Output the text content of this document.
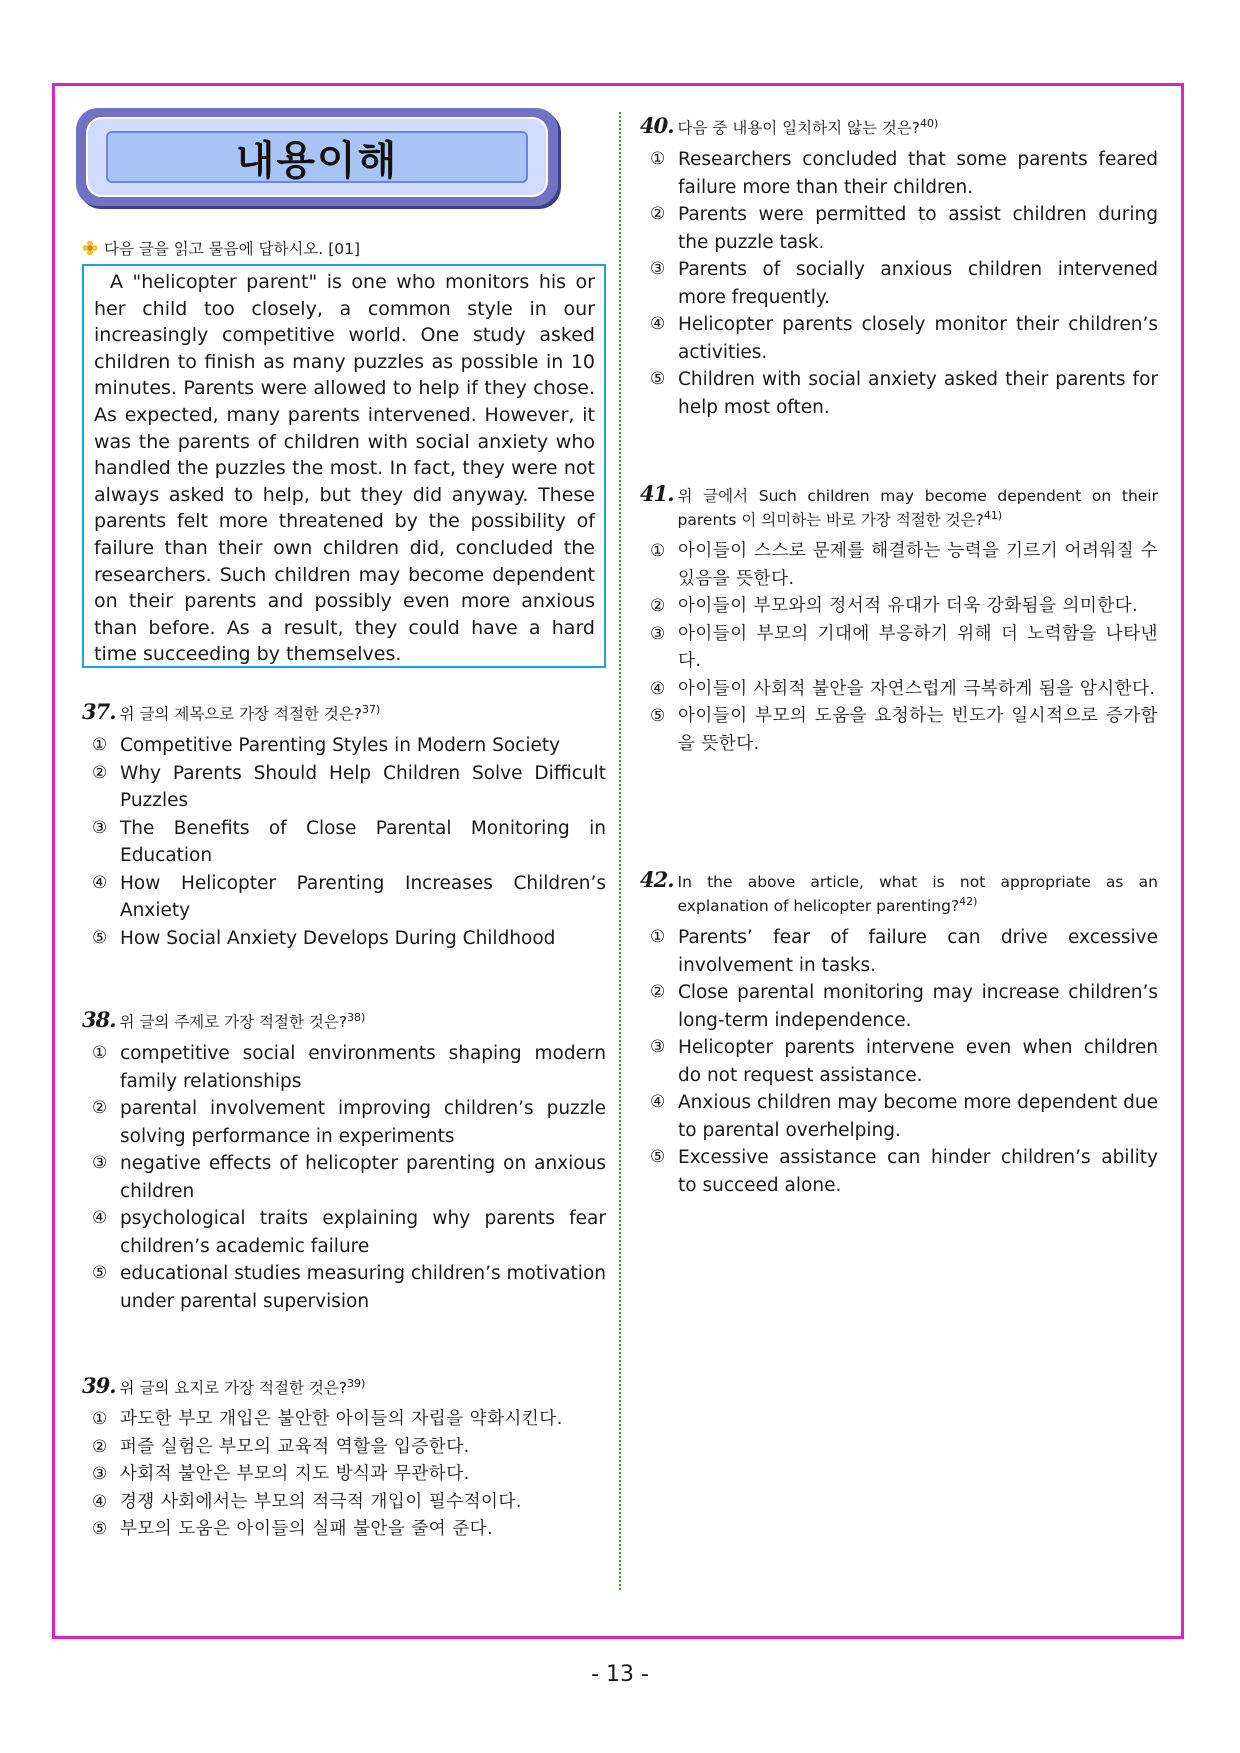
내용이해
다음 글을 읽고 물음에 답하시오. [01]

A "helicopter parent" is one who monitors his or her child too closely, a common style in our increasingly competitive world. One study asked children to finish as many puzzles as possible in 10 minutes. Parents were allowed to help if they chose. As expected, many parents intervened. However, it was the parents of children with social anxiety who handled the puzzles the most. In fact, they were not always asked to help, but they did anyway. These parents felt more threatened by the possibility of failure than their own children did, concluded the researchers. Such children may become dependent on their parents and possibly even more anxious than before. As a result, they could have a hard time succeeding by themselves.

37. 위 글의 제목으로 가장 적절한 것은?$^{37)}$
① Competitive Parenting Styles in Modern Society
② Why Parents Should Help Children Solve Difficult Puzzles
③ The Benefits of Close Parental Monitoring in Education
④ How Helicopter Parenting Increases Children’s Anxiety
⑤ How Social Anxiety Develops During Childhood
38. 위 글의 주제로 가장 적절한 것은?$^{38)}$
① competitive social environments shaping modern family relationships
② parental involvement improving children’s puzzle solving performance in experiments
③ negative effects of helicopter parenting on anxious children
④ psychological traits explaining why parents fear children’s academic failure
⑤ educational studies measuring children’s motivation under parental supervision
39. 위 글의 요지로 가장 적절한 것은?$^{39)}$
① 과도한 부모 개입은 불안한 아이들의 자립을 약화시킨다.
② 퍼즐 실험은 부모의 교육적 역할을 입증한다.
③ 사회적 불안은 부모의 지도 방식과 무관하다.
④ 경쟁 사회에서는 부모의 적극적 개입이 필수적이다.
⑤ 부모의 도움은 아이들의 실패 불안을 줄여 준다.
40. 다음 중 내용이 일치하지 않는 것은?$^{40)}$
① Researchers concluded that some parents feared failure more than their children.
② Parents were permitted to assist children during the puzzle task.
③ Parents of socially anxious children intervened more frequently.
④ Helicopter parents closely monitor their children’s activities.
⑤ Children with social anxiety asked their parents for help most often.
41. 위 글에서 Such children may become dependent on their parents 이 의미하는 바로 가장 적절한 것은?$^{41)}$
① 아이들이 스스로 문제를 해결하는 능력을 기르기 어려워질 수 있음을 뜻한다.
② 아이들이 부모와의 정서적 유대가 더욱 강화됨을 의미한다.
③ 아이들이 부모의 기대에 부응하기 위해 더 노력함을 나타낸다.
④ 아이들이 사회적 불안을 자연스럽게 극복하게 됨을 암시한다.
⑤ 아이들이 부모의 도움을 요청하는 빈도가 일시적으로 증가함을 뜻한다.
42. In the above article, what is not appropriate as an explanation of helicopter parenting?$^{42)}$
① Parents’ fear of failure can drive excessive involvement in tasks.
② Close parental monitoring may increase children’s long-term independence.
③ Helicopter parents intervene even when children do not request assistance.
④ Anxious children may become more dependent due to parental overhelping.
⑤ Excessive assistance can hinder children’s ability to succeed alone.
- 13 -
